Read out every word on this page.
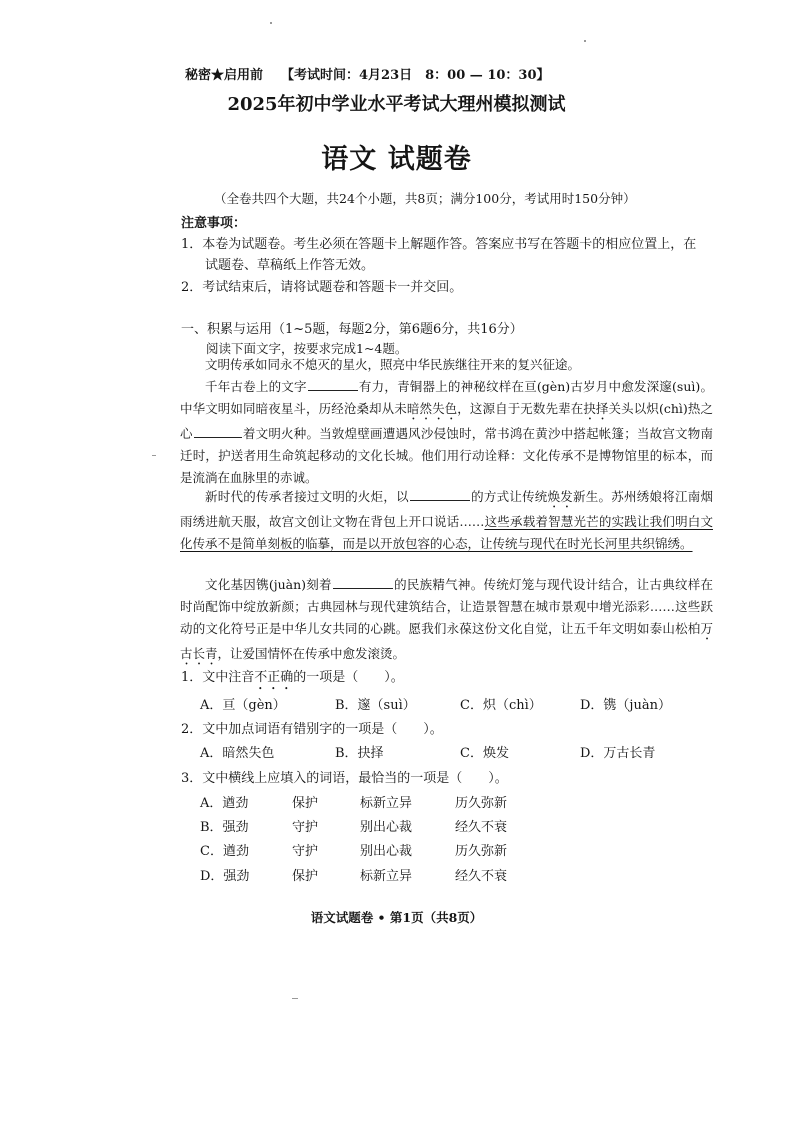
秘密★启用前 【考试时间：4月23日　8：00 — 10：30】
2025年初中学业水平考试大理州模拟测试
语文 试题卷
（全卷共四个大题，共24个小题，共8页；满分100分，考试用时150分钟）
注意事项：
1．本卷为试题卷。考生必须在答题卡上解题作答。答案应书写在答题卡的相应位置上，在
试题卷、草稿纸上作答无效。
2．考试结束后，请将试题卷和答题卡一并交回。
一、积累与运用（1~5题，每题2分，第6题6分，共16分）
阅读下面文字，按要求完成1~4题。
文明传承如同永不熄灭的星火，照亮中华民族继往开来的复兴征途。
千年古卷上的文字	有力，青铜器上的神秘纹样在亘(gèn)古岁月中愈发深邃(suì)。中华文明如同暗夜星斗，历经沧桑却从未暗然失色，这源自于无数先辈在抉择关头以炽(chì)热之心	着文明火种。当敦煌壁画遭遇风沙侵蚀时，常书鸿在黄沙中搭起帐篷；当故宫文物南迁时，护送者用生命筑起移动的文化长城。他们用行动诠释：文化传承不是博物馆里的标本，而是流淌在血脉里的赤诚。
新时代的传承者接过文明的火炬，以	的方式让传统焕发新生。苏州绣娘将江南烟雨绣进航天服，故宫文创让文物在背包上开口说话……这些承载着智慧光芒的实践让我们明白文化传承不是简单刻板的临摹，而是以开放包容的心态，让传统与现代在时光长河里共织锦绣。
文化基因镌(juàn)刻着	的民族精气神。传统灯笼与现代设计结合，让古典纹样在时尚配饰中绽放新颜；古典园林与现代建筑结合，让造景智慧在城市景观中增光添彩……这些跃动的文化符号正是中华儿女共同的心跳。愿我们永葆这份文化自觉，让五千年文明如泰山松柏万古长青，让爱国情怀在传承中愈发滚烫。
1．文中注音不正确的一项是（　　）。
A．亘（gèn）	B．邃（suì）	C．炽（chì）	D．镌（juàn）
2．文中加点词语有错别字的一项是（　　）。
A．暗然失色	B．抉择	C．焕发	D．万古长青
3．文中横线上应填入的词语，最恰当的一项是（　　）。
A．遒劲	保护	标新立异	历久弥新
B．强劲	守护	别出心裁	经久不衰
C．遒劲	守护	别出心裁	历久弥新
D．强劲	保护	标新立异	经久不衰
语文试题卷 • 第1页（共8页）
